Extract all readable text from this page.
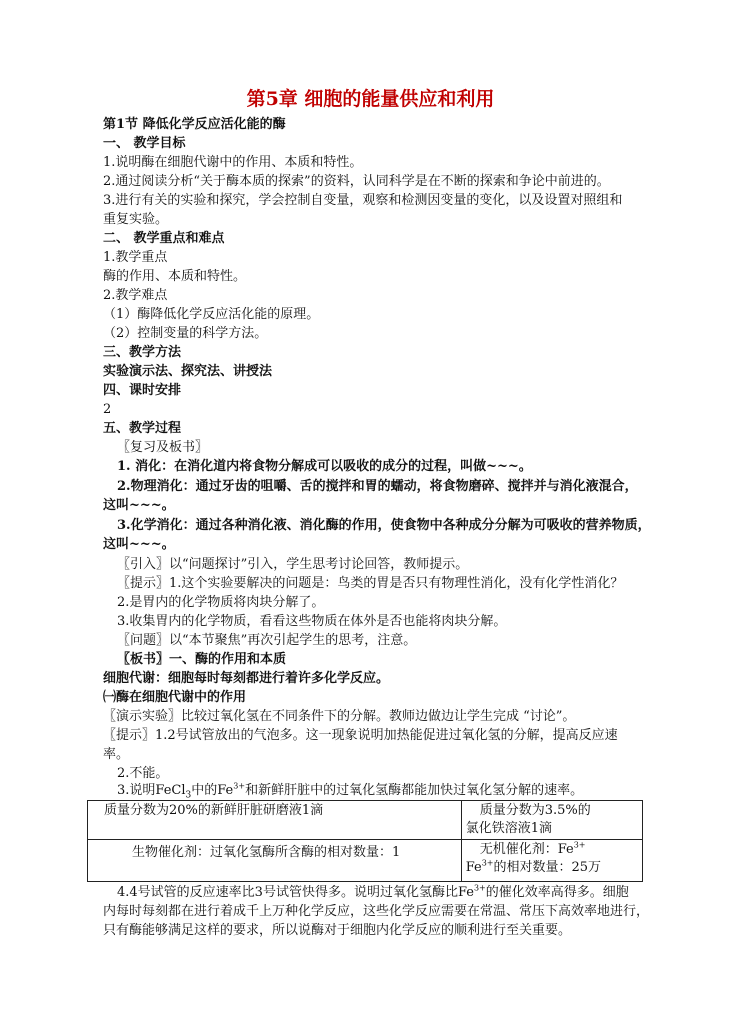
第5章 细胞的能量供应和利用
第1节 降低化学反应活化能的酶
一、 教学目标
1.说明酶在细胞代谢中的作用、本质和特性。
2.通过阅读分析“关于酶本质的探索”的资料，认同科学是在不断的探索和争论中前进的。
3.进行有关的实验和探究，学会控制自变量，观察和检测因变量的变化，以及设置对照组和
重复实验。
二、 教学重点和难点
1.教学重点
酶的作用、本质和特性。
2.教学难点
（1）酶降低化学反应活化能的原理。
（2）控制变量的科学方法。
三、教学方法
实验演示法、探究法、讲授法
四、课时安排
2
五、教学过程
〖复习及板书〗
1. 消化：在消化道内将食物分解成可以吸收的成分的过程，叫做~~~。
2.物理消化：通过牙齿的咀嚼、舌的搅拌和胃的蠕动，将食物磨碎、搅拌并与消化液混合，
这叫~~~。
3.化学消化：通过各种消化液、消化酶的作用，使食物中各种成分分解为可吸收的营养物质，
这叫~~~。
〖引入〗以“问题探讨”引入，学生思考讨论回答，教师提示。
〖提示〗1.这个实验要解决的问题是：鸟类的胃是否只有物理性消化，没有化学性消化？
2.是胃内的化学物质将肉块分解了。
3.收集胃内的化学物质，看看这些物质在体外是否也能将肉块分解。
〖问题〗以“本节聚焦”再次引起学生的思考，注意。
〖板书〗一、酶的作用和本质
细胞代谢：细胞每时每刻都进行着许多化学反应。
㈠酶在细胞代谢中的作用
〖演示实验〗比较过氧化氢在不同条件下的分解。教师边做边让学生完成 “讨论”。
〖提示〗1.2号试管放出的气泡多。这一现象说明加热能促进过氧化氢的分解，提高反应速
率。
2.不能。
3.说明FeCl$_3$中的$Fe^{3+}$和新鲜肝脏中的过氧化氢酶都能加快过氧化氢分解的速率。
质量分数为20%的新鲜肝脏研磨液1滴	质量分数为3.5%的
氯化铁溶液1滴

生物催化剂：过氧化氢酶所含酶的相对数量：1	无机催化剂：$Fe^{3+}$
$Fe^{3+}$的相对数量：25万
4.4号试管的反应速率比3号试管快得多。说明过氧化氢酶比$Fe^{3+}$的催化效率高得多。细胞
内每时每刻都在进行着成千上万种化学反应，这些化学反应需要在常温、常压下高效率地进行，
只有酶能够满足这样的要求，所以说酶对于细胞内化学反应的顺利进行至关重要。
